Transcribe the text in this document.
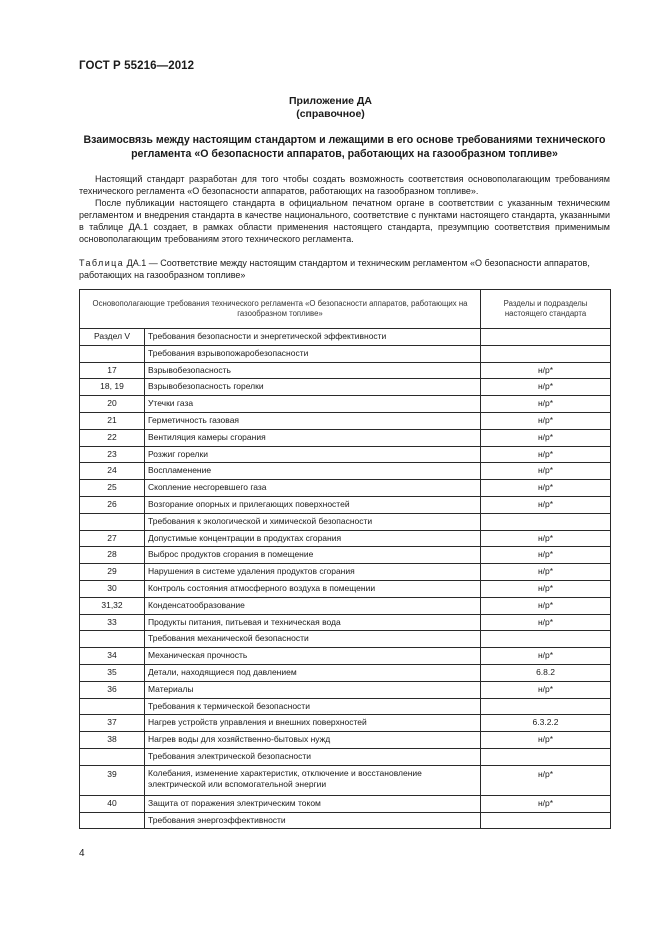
ГОСТ Р 55216—2012
Приложение ДА
(справочное)
Взаимосвязь между настоящим стандартом и лежащими в его основе требованиями технического регламента «О безопасности аппаратов, работающих на газообразном топливе»

Настоящий стандарт разработан для того чтобы создать возможность соответствия основополагающим требованиям технического регламента «О безопасности аппаратов, работающих на газообразном топливе».

После публикации настоящего стандарта в официальном печатном органе в соответствии с указанным техническим регламентом и внедрения стандарта в качестве национального, соответствие с пунктами настоящего стандарта, указанными в таблице ДА.1 создает, в рамках области применения настоящего стандарта, презумпцию соответствия применимым основополагающим требованиям этого технического регламента.

Таблица ДА.1 — Соответствие между настоящим стандартом и техническим регламентом «О безопасности аппаратов, работающих на газообразном топливе»
Основополагающие требования технического регламента «О безопасности аппаратов, работающих на газообразном топливе»		Разделы и подразделы настоящего стандарта
Раздел V	Требования безопасности и энергетической эффективности	
	Требования взрывопожаробезопасности	
17	Взрывобезопасность	н/р*
18, 19	Взрывобезопасность горелки	н/р*
20	Утечки газа	н/р*
21	Герметичность газовая	н/р*
22	Вентиляция камеры сгорания	н/р*
23	Розжиг горелки	н/р*
24	Воспламенение	н/р*
25	Скопление несгоревшего газа	н/р*
26	Возгорание опорных и прилегающих поверхностей	н/р*
	Требования к экологической и химической безопасности	
27	Допустимые концентрации в продуктах сгорания	н/р*
28	Выброс продуктов сгорания в помещение	н/р*
29	Нарушения в системе удаления продуктов сгорания	н/р*
30	Контроль состояния атмосферного воздуха в помещении	н/р*
31,32	Конденсатообразование	н/р*
33	Продукты питания, питьевая и техническая вода	н/р*
	Требования механической безопасности	
34	Механическая прочность	н/р*
35	Детали, находящиеся под давлением	6.8.2
36	Материалы	н/р*
	Требования к термической безопасности	
37	Нагрев устройств управления и внешних поверхностей	6.3.2.2
38	Нагрев воды для хозяйственно-бытовых нужд	н/р*
	Требования электрической безопасности	
39	Колебания, изменение характеристик, отключение и восстановление электрической или вспомогательной энергии	н/р*
40	Защита от поражения электрическим током	н/р*
	Требования энергоэффективности	
4
